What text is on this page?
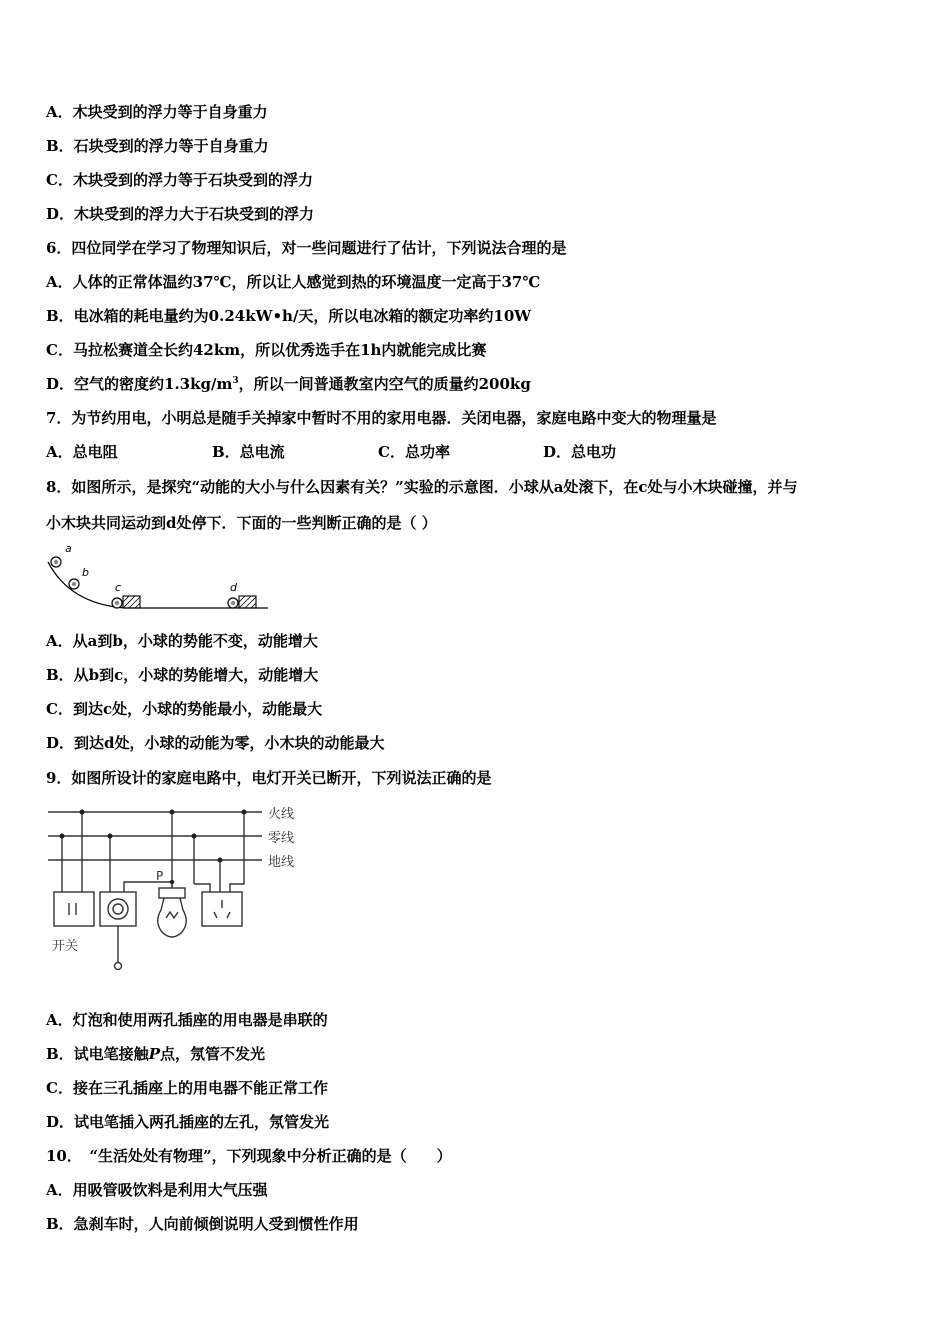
A．木块受到的浮力等于自身重力
B．石块受到的浮力等于自身重力
C．木块受到的浮力等于石块受到的浮力
D．木块受到的浮力大于石块受到的浮力
6．四位同学在学习了物理知识后，对一些问题进行了估计，下列说法合理的是
A．人体的正常体温约37℃，所以让人感觉到热的环境温度一定高于37℃
B．电冰箱的耗电量约为0.24kW•h/天，所以电冰箱的额定功率约10W
C．马拉松赛道全长约42km，所以优秀选手在1h内就能完成比赛
D．空气的密度约$1.3kg/m^3$，所以一间普通教室内空气的质量约200kg
7．为节约用电，小明总是随手关掉家中暂时不用的家用电器．关闭电器，家庭电路中变大的物理量是
A．总电阻	B．总电流	C．总功率	D．总电功
8．如图所示，是探究“动能的大小与什么因素有关？”实验的示意图．小球从a处滚下，在c处与小木块碰撞，并与
小木块共同运动到d处停下．下面的一些判断正确的是（ ）
a
b
c	d
A．从a到b，小球的势能不变，动能增大
B．从b到c，小球的势能增大，动能增大
C．到达c处，小球的势能最小，动能最大
D．到达d处，小球的动能为零，小木块的动能最大
9．如图所设计的家庭电路中，电灯开关已断开，下列说法正确的是
火线
零线
地线
P
开关
A．灯泡和使用两孔插座的用电器是串联的
B．试电笔接触P点，氖管不发光
C．接在三孔插座上的用电器不能正常工作
D．试电笔插入两孔插座的左孔，氖管发光
10．　“生活处处有物理”，下列现象中分析正确的是（　　）
A．用吸管吸饮料是利用大气压强
B．急刹车时，人向前倾倒说明人受到惯性作用
